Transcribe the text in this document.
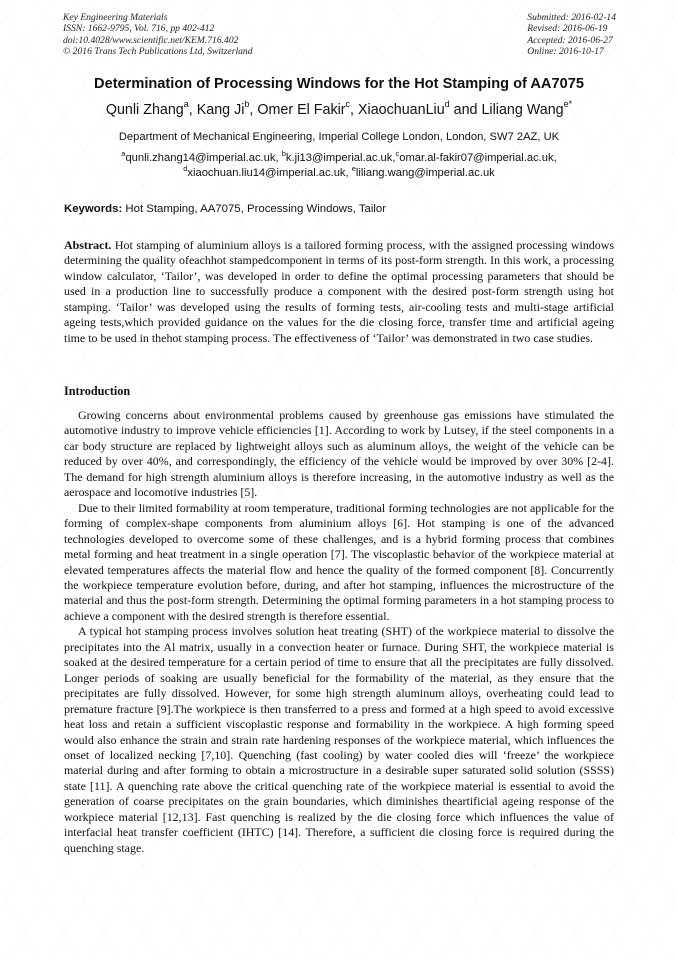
Key Engineering Materials
ISSN: 1662-9795, Vol. 716, pp 402-412
doi:10.4028/www.scientific.net/KEM.716.402
© 2016 Trans Tech Publications Ltd, Switzerland
Submitted: 2016-02-14
Revised: 2016-06-19
Accepted: 2016-06-27
Online: 2016-10-17
Determination of Processing Windows for the Hot Stamping of AA7075
Qunli Zhang$^a$, Kang Ji$^b$, Omer El Fakir$^c$, XiaochuanLiu$^d$ and Liliang Wang$^{e*}$
Department of Mechanical Engineering, Imperial College London, London, SW7 2AZ, UK
$^a$qunli.zhang14@imperial.ac.uk, $^b$k.ji13@imperial.ac.uk,$^c$omar.al-fakir07@imperial.ac.uk,
$^d$xiaochuan.liu14@imperial.ac.uk, $^e$liliang.wang@imperial.ac.uk
Keywords: Hot Stamping, AA7075, Processing Windows, Tailor
Abstract. Hot stamping of aluminium alloys is a tailored forming process, with the assigned processing windows determining the quality ofeachhot stampedcomponent in terms of its post-form strength. In this work, a processing window calculator, ‘Tailor’, was developed in order to define the optimal processing parameters that should be used in a production line to successfully produce a component with the desired post-form strength using hot stamping. ‘Tailor’ was developed using the results of forming tests, air-cooling tests and multi-stage artificial ageing tests,which provided guidance on the values for the die closing force, transfer time and artificial ageing time to be used in thehot stamping process. The effectiveness of ‘Tailor’ was demonstrated in two case studies.
Introduction

Growing concerns about environmental problems caused by greenhouse gas emissions have stimulated the automotive industry to improve vehicle efficiencies [1]. According to work by Lutsey, if the steel components in a car body structure are replaced by lightweight alloys such as aluminum alloys, the weight of the vehicle can be reduced by over 40%, and correspondingly, the efficiency of the vehicle would be improved by over 30% [2-4]. The demand for high strength aluminium alloys is therefore increasing, in the automotive industry as well as the aerospace and locomotive industries [5].

Due to their limited formability at room temperature, traditional forming technologies are not applicable for the forming of complex-shape components from aluminium alloys [6]. Hot stamping is one of the advanced technologies developed to overcome some of these challenges, and is a hybrid forming process that combines metal forming and heat treatment in a single operation [7]. The viscoplastic behavior of the workpiece material at elevated temperatures affects the material flow and hence the quality of the formed component [8]. Concurrently the workpiece temperature evolution before, during, and after hot stamping, influences the microstructure of the material and thus the post-form strength. Determining the optimal forming parameters in a hot stamping process to achieve a component with the desired strength is therefore essential.

A typical hot stamping process involves solution heat treating (SHT) of the workpiece material to dissolve the precipitates into the Al matrix, usually in a convection heater or furnace. During SHT, the workpiece material is soaked at the desired temperature for a certain period of time to ensure that all the precipitates are fully dissolved. Longer periods of soaking are usually beneficial for the formability of the material, as they ensure that the precipitates are fully dissolved. However, for some high strength aluminum alloys, overheating could lead to premature fracture [9].The workpiece is then transferred to a press and formed at a high speed to avoid excessive heat loss and retain a sufficient viscoplastic response and formability in the workpiece. A high forming speed would also enhance the strain and strain rate hardening responses of the workpiece material, which influences the onset of localized necking [7,10]. Quenching (fast cooling) by water cooled dies will ‘freeze’ the workpiece material during and after forming to obtain a microstructure in a desirable super saturated solid solution (SSSS) state [11]. A quenching rate above the critical quenching rate of the workpiece material is essential to avoid the generation of coarse precipitates on the grain boundaries, which diminishes theartificial ageing response of the workpiece material [12,13]. Fast quenching is realized by the die closing force which influences the value of interfacial heat transfer coefficient (IHTC) [14]. Therefore, a sufficient die closing force is required during the quenching stage.
